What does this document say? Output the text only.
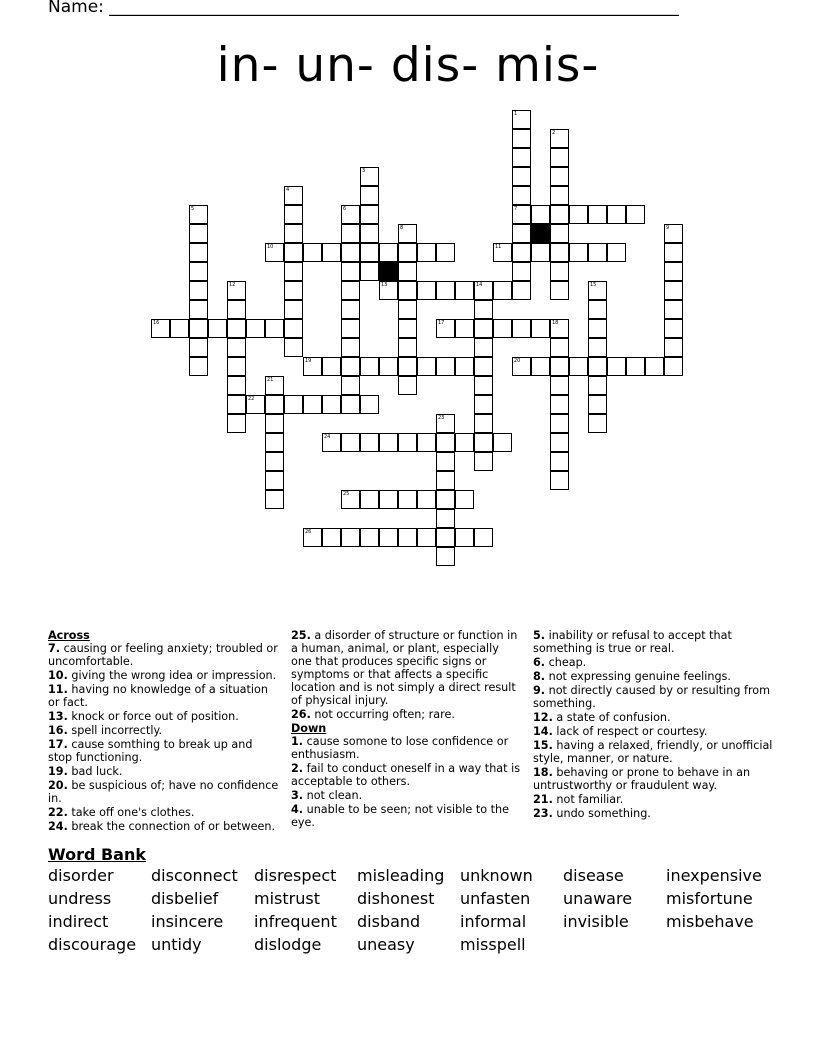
Name: ___________________________________________________________________
in- un- dis- mis-
1
7
2
3
4
5	6
8	9
10	11
12	13	14	15
16	17	18
19	20
21
22
23
24
25
26
Across
7. causing or feeling anxiety; troubled or uncomfortable.
10. giving the wrong idea or impression.
11. having no knowledge of a situation or fact.
13. knock or force out of position.
16. spell incorrectly.
17. cause somthing to break up and stop functioning.
19. bad luck.
20. be suspicious of; have no confidence in.
22. take off one's clothes.
24. break the connection of or between.
25. a disorder of structure or function in a human, animal, or plant, especially one that produces specific signs or symptoms or that affects a specific location and is not simply a direct result of physical injury.
26. not occurring often; rare.
Down
1. cause somone to lose confidence or enthusiasm.
2. fail to conduct oneself in a way that is acceptable to others.
3. not clean.
4. unable to be seen; not visible to the eye.
5. inability or refusal to accept that something is true or real.
6. cheap.
8. not expressing genuine feelings.
9. not directly caused by or resulting from something.
12. a state of confusion.
14. lack of respect or courtesy.
15. having a relaxed, friendly, or unofficial style, manner, or nature.
18. behaving or prone to behave in an untrustworthy or fraudulent way.
21. not familiar.
23. undo something.
Word Bank
disorder disconnect disrespect misleading unknown disease	inexpensive
undress disbelief mistrust dishonest unfasten unaware misfortune
indirect	insincere infrequent disband informal invisible misbehave
discourage untidy	dislodge uneasy	misspell
